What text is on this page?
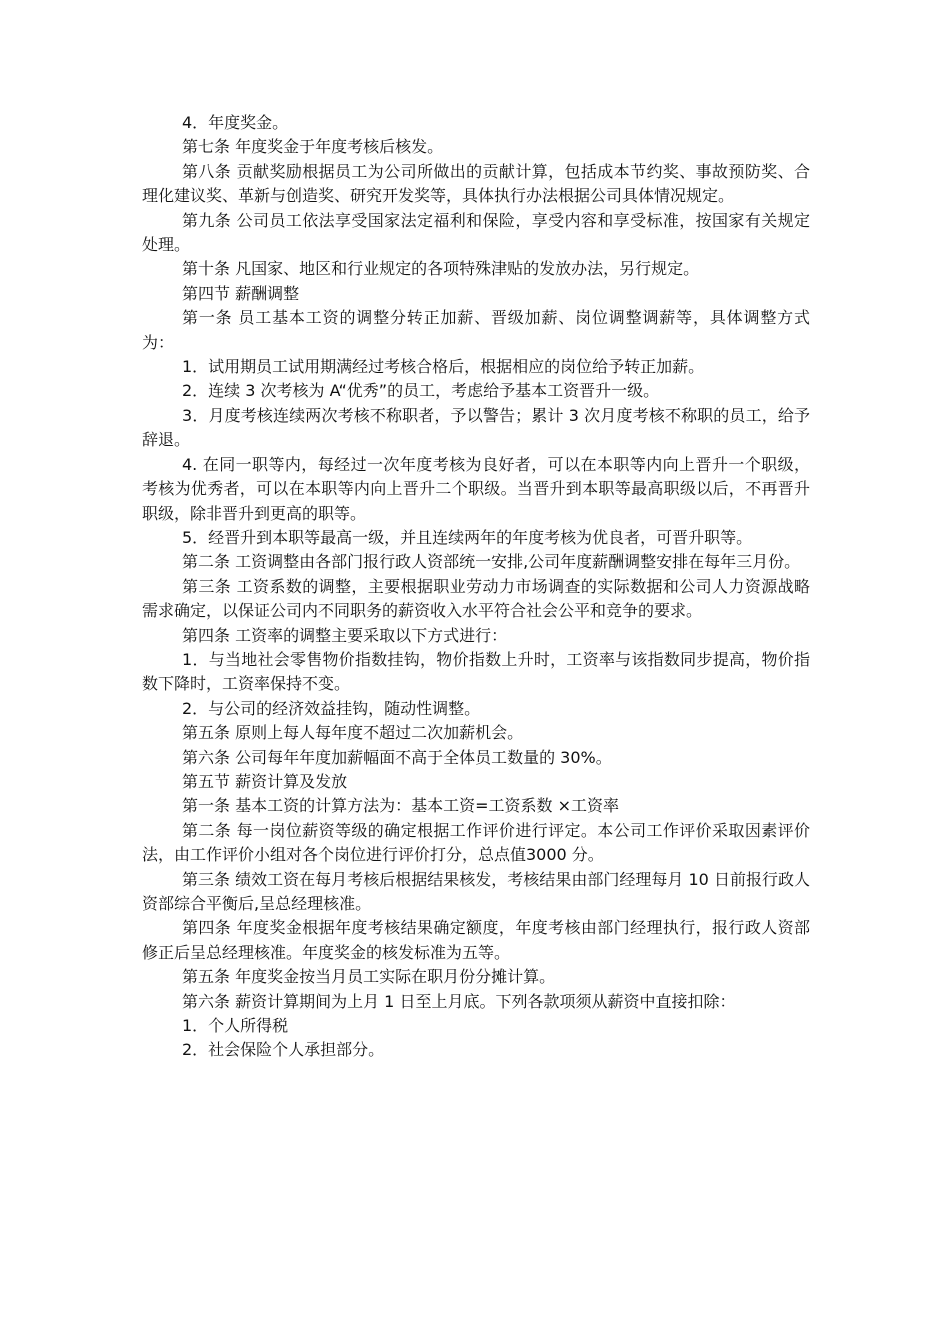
4．年度奖金。

第七条 年度奖金于年度考核后核发。

第八条 贡献奖励根据员工为公司所做出的贡献计算，包括成本节约奖、事故预防奖、合理化建议奖、革新与创造奖、研究开发奖等，具体执行办法根据公司具体情况规定。

第九条 公司员工依法享受国家法定福利和保险，享受内容和享受标准，按国家有关规定处理。

第十条 凡国家、地区和行业规定的各项特殊津贴的发放办法，另行规定。

第四节 薪酬调整

第一条 员工基本工资的调整分转正加薪、晋级加薪、岗位调整调薪等，具体调整方式为：

1．试用期员工试用期满经过考核合格后，根据相应的岗位给予转正加薪。

2．连续 3 次考核为 A“优秀”的员工，考虑给予基本工资晋升一级。

3．月度考核连续两次考核不称职者，予以警告；累计 3 次月度考核不称职的员工，给予辞退。

4. 在同一职等内，每经过一次年度考核为良好者，可以在本职等内向上晋升一个职级，考核为优秀者，可以在本职等内向上晋升二个职级。当晋升到本职等最高职级以后，不再晋升职级，除非晋升到更高的职等。

5．经晋升到本职等最高一级，并且连续两年的年度考核为优良者，可晋升职等。

第二条 工资调整由各部门报行政人资部统一安排,公司年度薪酬调整安排在每年三月份。

第三条 工资系数的调整，主要根据职业劳动力市场调查的实际数据和公司人力资源战略需求确定，以保证公司内不同职务的薪资收入水平符合社会公平和竞争的要求。

第四条 工资率的调整主要采取以下方式进行：

1．与当地社会零售物价指数挂钩，物价指数上升时，工资率与该指数同步提高，物价指数下降时，工资率保持不变。

2．与公司的经济效益挂钩，随动性调整。

第五条 原则上每人每年度不超过二次加薪机会。

第六条 公司每年年度加薪幅面不高于全体员工数量的 30%。

第五节 薪资计算及发放

第一条 基本工资的计算方法为：基本工资=工资系数 ×工资率

第二条 每一岗位薪资等级的确定根据工作评价进行评定。本公司工作评价采取因素评价法，由工作评价小组对各个岗位进行评价打分，总点值3000 分。

第三条 绩效工资在每月考核后根据结果核发，考核结果由部门经理每月 10 日前报行政人资部综合平衡后,呈总经理核准。

第四条 年度奖金根据年度考核结果确定额度，年度考核由部门经理执行，报行政人资部修正后呈总经理核准。年度奖金的核发标准为五等。

第五条 年度奖金按当月员工实际在职月份分摊计算。

第六条 薪资计算期间为上月 1 日至上月底。下列各款项须从薪资中直接扣除：

1．个人所得税

2．社会保险个人承担部分。
